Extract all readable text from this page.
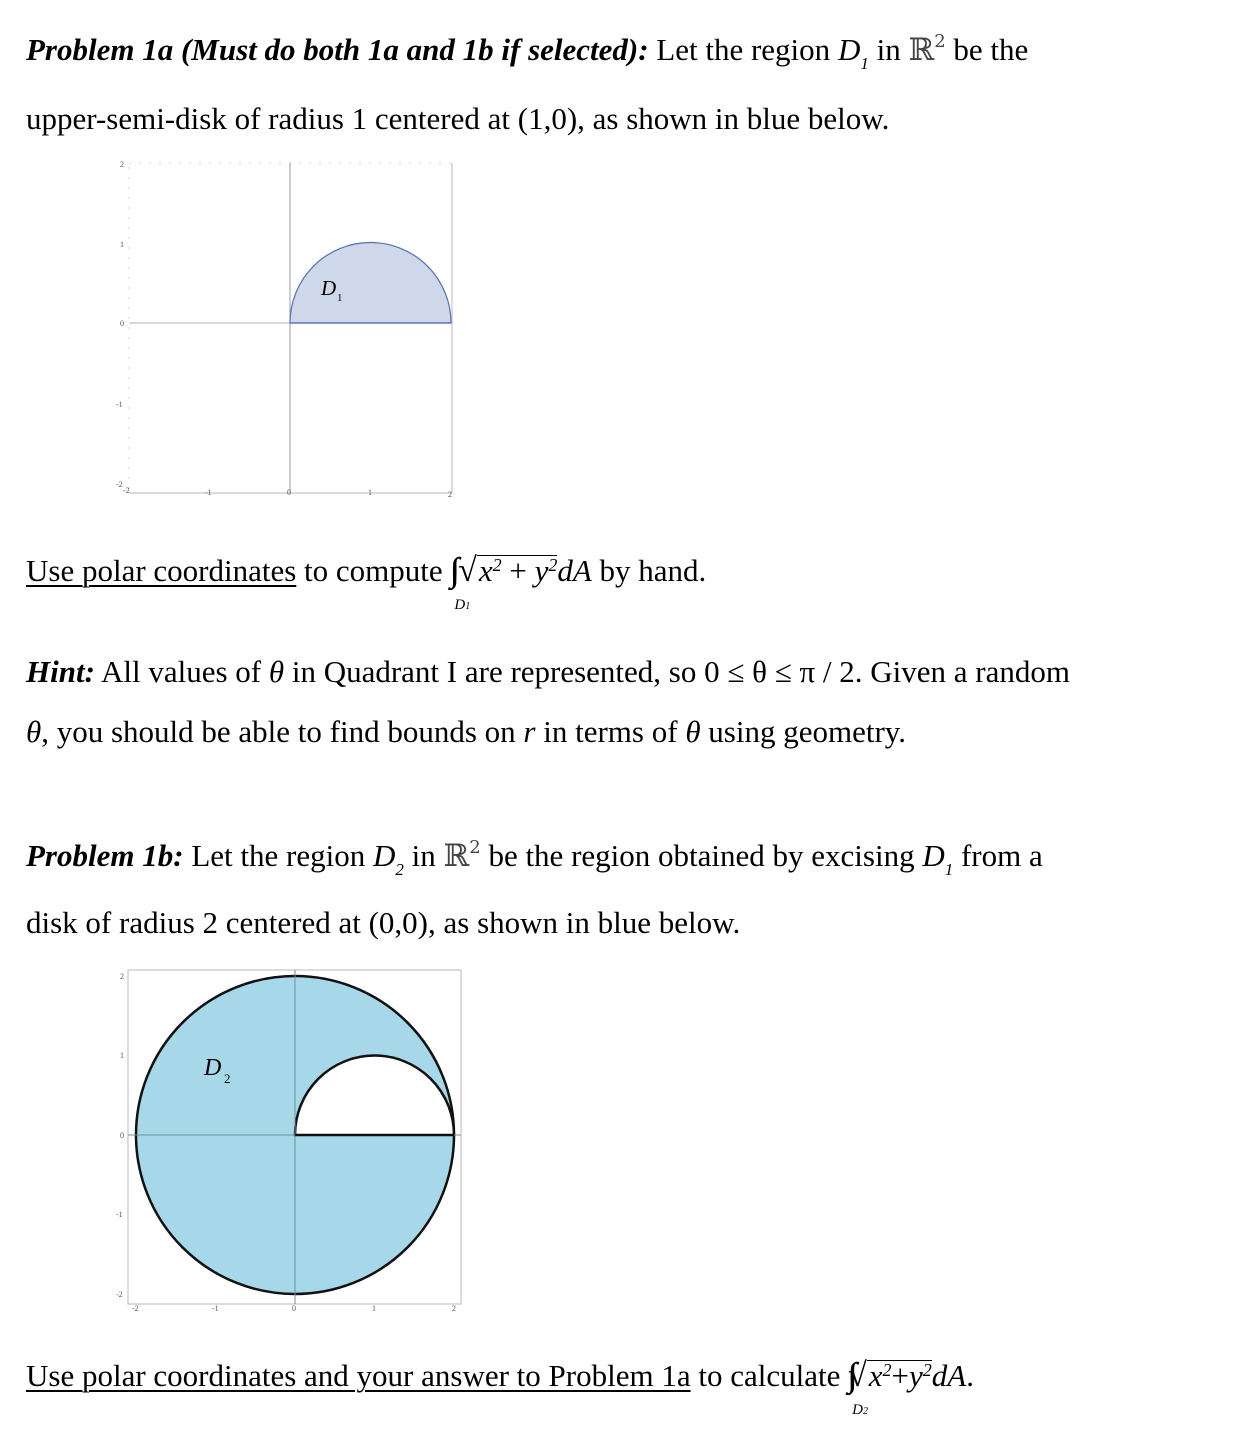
Problem 1a (Must do both 1a and 1b if selected): Let the region $D_1$ in ℝ$^2$ be the
upper-semi-disk of radius 1 centered at (1,0), as shown in blue below.
D 1
-2	-1	0	1	2
2
1
0
-1
-2
Use polar coordinates to compute
D1
$√x^2 + y^2dA$ by hand.
Hint: All values of θ in Quadrant I are represented, so 0 ≤ θ ≤ π / 2. Given a random
θ, you should be able to find bounds on r in terms of θ using geometry.
Problem 1b: Let the region $D_2$ in ℝ$^2$ be the region obtained by excising $D_1$ from a
disk of radius 2 centered at (0,0), as shown in blue below.
D 2
-2	-1	0	1	2
2
1
0
-1
-2
Use polar coordinates and your answer to Problem 1a to calculate
D2
$√x^2+y^2dA$.
